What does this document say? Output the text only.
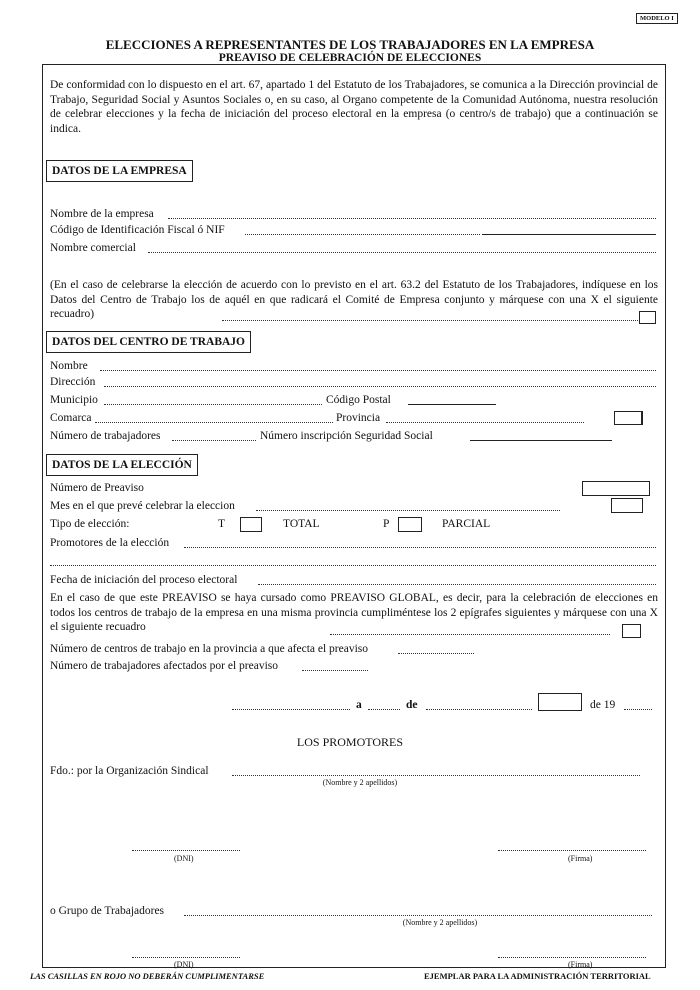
MODELO I
ELECCIONES A REPRESENTANTES DE LOS TRABAJADORES EN LA EMPRESA
PREAVISO DE CELEBRACIÓN DE ELECCIONES
De conformidad con lo dispuesto en el art. 67, apartado 1 del Estatuto de los Trabajadores, se comunica a la Dirección provincial de Trabajo, Seguridad Social y Asuntos Sociales o, en su caso, al Organo competente de la Comunidad Autónoma, nuestra resolución de celebrar elecciones y la fecha de iniciación del proceso electoral en la empresa (o centro/s de trabajo) que a continuación se indica.
DATOS DE LA EMPRESA
Nombre de la empresa
Código de Identificación Fiscal ó NIF
Nombre comercial
(En el caso de celebrarse la elección de acuerdo con lo previsto en el art. 63.2 del Estatuto de los Trabajadores, indíquese en los Datos del Centro de Trabajo los de aquél en que radicará el Comité de Empresa conjunto y márquese con una X el siguiente recuadro)
DATOS DEL CENTRO DE TRABAJO
Nombre
Dirección
Municipio	Código Postal
Comarca	Provincia
Número de trabajadores	Número inscripción Seguridad Social
DATOS DE LA ELECCIÓN
Número de Preaviso
Mes en el que prevé celebrar la eleccion
Tipo de elección:	T	TOTAL	P	PARCIAL
Promotores de la elección
Fecha de iniciación del proceso electoral
En el caso de que este PREAVISO se haya cursado como PREAVISO GLOBAL, es decir, para la celebración de elecciones en todos los centros de trabajo de la empresa en una misma provincia cumpliméntese los 2 epígrafes siguientes y márquese con una X el siguiente recuadro
Número de centros de trabajo en la provincia a que afecta el preaviso
Número de trabajadores afectados por el preaviso
a	de	de 19
LOS PROMOTORES
Fdo.: por la Organización Sindical
(Nombre y 2 apellidos)
(DNI)	(Firma)
o Grupo de Trabajadores
(Nombre y 2 apellidos)
(DNI)	(Firma)
LAS CASILLAS EN ROJO NO DEBERÁN CUMPLIMENTARSE	EJEMPLAR PARA LA ADMINISTRACIÓN TERRITORIAL
